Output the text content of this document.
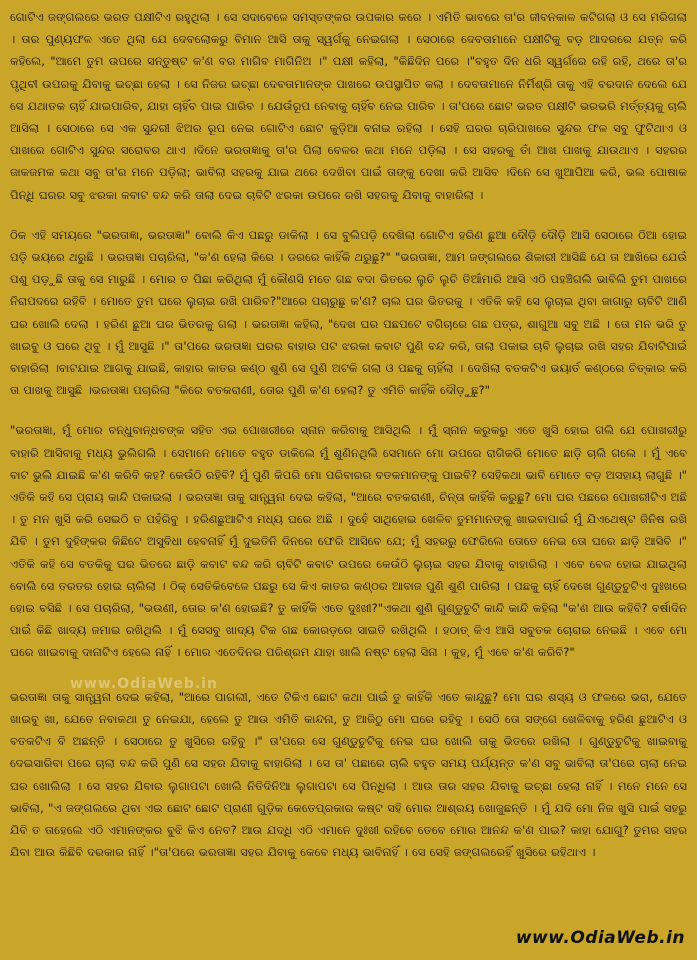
ଗୋଟିଏ ଜଙ୍ଗଲରେ ଭରତ ପକ୍ଷୀଟିଏ ରହୁଥିଲା । ସେ ସଦାବେଳେ ସମସ୍ତଙ୍କର ଉପକାର କରେ । ଏମିତି ଭାବରେ ତା'ର ଜୀବନକାଳ କଟିଗଲା ଓ ସେ ମରିଗଲା । ତାର ପୁଣ୍ୟଫଳ ଏତେ ଥିଲା ଯେ ଦେବଲୋକରୁ ବିମାନ ଆସି ତାକୁ ସ୍ୱର୍ଗକୁ ନେଇଗଲା । ସେଠାରେ ଦେବତାମାନେ ପକ୍ଷୀଟିକୁ ବଡ଼ ଆଦରରେ ଯତ୍ନ କରି କହିଲେ, "ଆମେ ତୁମ ଉପରେ ସନ୍ତୁଷ୍ଟ କ'ଣ ବର ମାଗିବ ମାଗିନିଅ ।" ପକ୍ଷୀ କହିଲା, "କିଛିଦିନ ପରେ ।"ବହୁତ ଦିନ ଧରି ସ୍ୱର୍ଗରେ ରହି ରହି, ଥରେ ତା'ର ପୃଥିବୀ ଉପରକୁ ଯିବାକୁ ଇଚ୍ଛା ହେଲା । ସେ ନିଜର ଇଚ୍ଛା ଦେବତାମାନଙ୍କ ପାଖରେ ଉପସ୍ଥାପିତ କଲା । ଦେବତାମାନେ ନିର୍ମିଶ୍ରି ତାକୁ ଏହି ବରଦାନ ଦେଲେ ଯେ ସେ ଯଥାତକ ଚାହିଁ ଯାଇପାରିବ, ଯାହା ଚାହିଁବ ପାଇ ପାରିବ । ଯେଉଁରୂପ ନେବାକୁ ଚାହିଁବ ନେଇ ପାରିବ । ତା'ପରେ ଛୋଟ ଭରତ ପକ୍ଷୀଟି ଭରଭରି ମର୍ତ୍ତ୍ୟକୁ ଚାଲି ଆସିଲା । ସେଠାରେ ସେ ଏକ ସୁନ୍ଦରୀ ଝିଅର ରୂପ ନେଇ ଗୋଟିଏ ଛୋଟ କୁଡ଼ିଆ ବନାଇ ରହିଲା । ସେହି ଘରର ଚାରିପାଖରେ ସୁନ୍ଦର ଫଳ ସବୁ ଫୁଟିଥାଏ ଓ ପାଖରେ ଗୋଟିଏ ସୁନ୍ଦର ସରୋବର ଥାଏ ।ଦିନେ ଭରତାଜ୍ଞାକୁ ତା'ର ପିଲା ବେଳର କଥା ମନେ ପଡ଼ିଲା । ସେ ସହରକୁ ତାଁ ଆଖ ପାଖକୁ ଯାଉଥାଏ । ସହରର ଜାକଜମକ କଥା ସବୁ ତା'ର ମନେ ପଡ଼ିଲା; ଭାବିଲା ସହରକୁ ଯାଇ ଥରେ ଦେଖିବା ପାଇଁ ତାଙ୍କୁ ଦେଖା କରି ଆସିବ ।ଦିନେ ସେ ଖୁଆପିଆ କରି, ଭଲ ପୋଷାକ ପିନ୍ଧି ଘରର ସବୁ ଝରକା କବାଟ ବନ୍ଦ କରି ତାଲା ଦେଇ ଚାବିଟି ଝରକା ଉପରେ ରଖି ସହରକୁ ଯିବାକୁ ବାହାରିଲା ।

ଠିକ ଏହି ସମୟରେ "ଭରତାଜ୍ଞା, ଭରତାଜ୍ଞା" ବୋଲି କିଏ ପଛରୁ ଡାକିଲା । ସେ ବୁଲିପଡ଼ି ଦେଖିଲା ଗୋଟିଏ ହରିଣ ଛୁଆ ଦୌଡ଼ି ଦୌଡ଼ି ଆସି ସେଠାରେ ଠିଆ ହୋଇ ପଡ଼ି ଭୟରେ ଥରୁଛି । ଭରତାଜ୍ଞା ପଚାରିଲା, "କ'ଣ ହେଲା କିରେ । ଡରରେ କାହିଁକି ଥରୁଛୁ?" "ଭରତାଜ୍ଞା, ଆମ ଜଙ୍ଗଲରେ ଶିକାରୀ ଆସିଛି ଯେ ତା ଆଖିରେ ଯେଉଁ ପଶୁ ପଡ଼ୁଛି ତାକୁ ସେ ମାରୁଛି । ମୋର ତ ପିଛା କରିଥିଲା ମୁଁ କୌଣସି ମତେ ଗଛ ବଦା ଭିତରେ ଲୁଚି ଲୁଚି ତିଆଁମାରି ଆସି ଏଠି ପହଞ୍ଚିଗଲି ଭାବିଲି ତୁମ ପାଖରେ ନିରାପଦରେ ରହିବି । ମୋତେ ତୁମ ଘରେ ଲୁଚାଇ ରଖି ପାରିବ?"ଆରେ ପଚାରୁଛୁ କ'ଣ? ଚାଲ ଘର ଭିତରକୁ । ଏତିକି କହି ସେ ଲୁଚାଇ ଥିବା ଜାଗାରୁ ଚାବିଟି ଆଣି ଘର ଖୋଲି ଦେଲା । ହରିଣ ଛୁଆ ଘର ଭିତରକୁ ଗଲା । ଭରତାଜ୍ଞା କହିଲା, "ଦେଖ ଘର ପଛପଟେ ବଗିଚାରେ ଗଛ ପତ୍ର, ଶାଗୁଆ ସବୁ ଅଛି । ତୋ ମନ ଭରି ତୁ ଖାଇବୁ ଓ ଘରେ ଥିବୁ । ମୁଁ ଆସୁଛି ।" ତା'ପରେ ଭରତାଜ୍ଞା ଘରର ବାହାର ପଟ ଝରକା କବାଟ ପୁଣି ବନ୍ଦ କରି, ତାଲା ପକାଇ ଚାବି ଲୁଚାଇ ରଖି ସହର ଯିବାଟିପାଇଁ ବାହାରିଲା ।ବାଟଯାଇ ଆଗକୁ ଯାଇଛି, କାହାର କାତର କଣ୍ଠ ଶୁଣି ସେ ପୁଣି ଅଟକି ଗଲା ଓ ପଛକୁ ଚାହିଁଲା । ଦେଖିଲା ବତକଟିଏ ଭୟାର୍ତ କଣ୍ଠରେ ଚିତ୍କାର କରି ତା ପାଖକୁ ଆସୁଛି ।ଭରତାଜ୍ଞା ପଚାରିଲା "କିରେ ବତକରାଣୀ, ତୋର ପୁଣି କ'ଣ ହେଲା? ତୁ ଏମିତି କାହିଁକି ଦୌଡ଼ୁଛୁ?"

"ଭରତାଜ୍ଞା, ମୁଁ ମୋର ବନ୍ଧୁବାନ୍ଧବଙ୍କ ସହିତ ଏଇ ପୋଖରୀରେ ସ୍ନାନ କରିବାକୁ ଆସିଥିଲି । ମୁଁ ସ୍ନାନ କରୁକରୁ ଏତେ ଖୁସି ହୋଇ ଗଲି ଯେ ପୋଖରୀରୁ ବାହାରି ଆସିବାକୁ ମଧ୍ୟ ଭୁଲିଗଲି । ସେମାନେ ମୋତେ ବହୁତ ଡାକିଲେ ମୁଁ ଶୁଣିନଥିଲି ସେମାନେ ମୋ ଉପରେ ରାଗିକରି ମୋତେ ଛାଡ଼ି ଚାଲି ଗଲେ । ମୁଁ ଏବେ ବାଟ ଭୁଲି ଯାଇଛି କ'ଣ କରିବି କହ? କେଉଁଠି ରହିବି? ମୁଁ ପୁଣି କିପରି ମୋ ପରିବାରର ବତକମାନଙ୍କୁ ପାଇବି? ସେହିକଥା ଭାବି ମୋତେ ବଡ଼ ଅସହାୟ ଲାଗୁଛି ।" ଏତିକି କହି ସେ ପ୍ରାୟ କାନ୍ଦି ପକାଇଲା । ଭରତାଜ୍ଞା ତାକୁ ସାନ୍ତ୍ୱନା ଦେଇ କହିଲା, "ଆରେ ବତକରାଣୀ, ଚିନ୍ତା କାହିଁକି କରୁଛୁ? ମୋ ଘର ପଛରେ ପୋଖରୀଟିଏ ଅଛି । ତୁ ମନ ଖୁସି କରି ସେଇଠି ତ ପହଁରିବୁ । ହରିଣଛୁଆଟିଏ ମଧ୍ୟ ଘରେ ଅଛି । ଦୁହେଁ ସାଥିହୋଇ ଖେଳିବ ତୁମମାନଙ୍କୁ ଖାଇବାପାଇଁ ମୁଁ ଯିଏଥେଷ୍ଟ ଜିନିଷ ରଖି ଯିବି । ତୁମ ଦୁହିଙ୍କର କିଛିଟେ ଅସୁବିଧା ହେବନାହିଁ ମୁଁ ଦୁଇତିନି ଦିନରେ ଫେରି ଆସିବେ ଯେ; ମୁଁ ସହରରୁ ଫେରିଲେ ତୋତେ ନେଇ ତୋ ଘରେ ଛାଡ଼ି ଆସିବି ।" ଏତିକି କହି ସେ ବତକିକୁ ଘର ଭିତରେ ଛାଡ଼ି କବାଟ ବନ୍ଦ କରି ଚାବିଟି କବାଟ ଉପରେ କେଉଁଠି ଲୁଚାଇ ସହର ଯିବାକୁ ବାହାରିଲା । ଏବେ ବେଳ ହୋଇ ଯାଇଥିଲା ବୋଲି ସେ ତରତର ହୋଇ ଚାଲିଲା । ଠିକ୍ ସେତିକିବେଳେ ପଛରୁ ସେ କିଏ କାତର କଣ୍ଠର ଆବାଜ ପୁଣି ଶୁଣି ପାରିଲା । ପଛକୁ ଚାହିଁ ଦେଖେ ଗୁଣ୍ଡୁଚୁଟିଏ ଦୁଃଖରେ ହୋଇ ବସିଛି । ସେ ପଚାରିଲା, "ଭଉଣୀ, ତୋର କ'ଣ ହୋଇଛି? ତୁ କାହିଁକି ଏତେ ଦୁଃଖୀ?"ଏକଥା ଶୁଣି ଗୁଣ୍ଡୁଚୁଟି କାନ୍ଦି କାନ୍ଦି କହିଲା "କ'ଣ ଆଉ କହିବି? ବର୍ଷାଦିନ ପାଇଁ କିଛି ଖାଦ୍ୟ ଜମାଇ ରଖିଥିଲି । ମୁଁ ସେସବୁ ଖାଦ୍ୟ ଟିକ ଗଛ କୋରଡ଼ରେ ସାଇତି ରଖିଥିଲି । ହଠାତ୍ କିଏ ଆସି ସବୁତକ ଚୋରାଇ ନେଇଛି । ଏବେ ମୋ ଘରେ ଖାଇବାକୁ ଦାନାଟିଏ ହେଲେ ନାହିଁ । ମୋର ଏତେଦିନର ପରିଶ୍ରମ ଯାହା ଖାଲି ନଷ୍ଟ ହେଲା ସିନା । କୁହ, ମୁଁ ଏବେ କ'ଣ କରିବି?"

ଭରତାଜ୍ଞା ତାକୁ ସାନ୍ତ୍ୱନା ଦେଇ କହିଲା, "ଆରେ ପାଗଲୀ, ଏତେ ଟିକିଏ ଛୋଟ କଥା ପାଇଁ ତୁ କାହିଁକି ଏତେ କାନ୍ଦୁଛୁ? ମୋ ଘର ଶସ୍ୟ ଓ ଫଳରେ ଭରା, ଯେତେ ଖାଇବୁ ଖା, ଯେତେ ନବାକଥା ତୁ ନେଇଯା, ହେଲେ ତୁ ଆଉ ଏମିତି କାନ୍ଦନା, ତୁ ଆଜିଠୁ ମୋ ଘରେ ରହିବୁ । ସେଠି ତୋ ସଙ୍ଗେ ଖେଳିବାକୁ ହରିଣ ଛୁଆଟିଏ ଓ ବତକଟିଏ ବି ଅଛନ୍ତି । ସେଠାରେ ତୁ ଖୁସିରେ ରହିବୁ ।" ତା'ପରେ ସେ ଗୁଣ୍ଡୁଚୁଟିକୁ ନେଇ ଘର ଖୋଲି ତାକୁ ଭିତରେ ରଖିଲା । ଗୁଣ୍ଡୁଚୁଟିକୁ ଖାଇବାକୁ ଦେଇସାରିବା ପରେ ଚାଲା ବନ୍ଦ କରି ପୁଣି ସେ ସହର ଯିବାକୁ ବାହାରିଲା । ସେ ତା' ପଛାରେ ଚାଲି ବହୁତ ସମୟ ପର୍ଯ୍ୟନ୍ତ କ'ଣ ସବୁ ଭାବିଲା ତା'ପରେ ଚାଲା ନେଇ ଘର ଖୋଲିଲା । ସେ ସହର ଯିବାର ଲୁଗାପଟା ଖୋଲି ନିତିଦିନିଆ ଲୁଗାପଟା ସେ ପିନ୍ଧିଲା । ଆଉ ତାର ସହର ଯିବାକୁ ଇଚ୍ଛା ହେଲା ନାହିଁ । ମନେ ମନେ ସେ ଭାବିଲା, "ଏ ଜଙ୍ଗଲରେ ଥିବା ଏଇ ଛୋଟ ଛୋଟ ପ୍ରାଣୀ ଗୁଡ଼ିକ କେତେପ୍ରକାର କଷ୍ଟ ସହି ମୋର ଆଶ୍ରୟ ଖୋଜୁଛନ୍ତି । ମୁଁ ଯଦି ମୋ ନିଜ ଖୁସି ପାଇଁ ସହରୁ ଯିବି ତ ତାହେଲେ ଏଠି ଏମାନଙ୍କର ବୁଝି କିଏ ନେବ? ଆଉ ଯଦ୍ଧି ଏଠି ଏମାନେ ଦୁଃଖୀ ରହିବେ ତେବେ ମୋର ଆନନ୍ଦ କ'ଣ ପାଇ? କାହା ଯୋଗୁ? ତୁମର ସହର ଯିବା ଆଉ କିଛିବି ଦରକାର ନାହିଁ ।"ତା'ପରେ ଭରତାଜ୍ଞା ସହର ଯିବାକୁ କେବେ ମଧ୍ୟ ଭାବିନାହିଁ । ସେ ସେହି ଜଙ୍ଗଲରେହିଁ ଖୁସିରେ ରହିଥାଏ ।

www.OdiaWeb.in
www.OdiaWeb.in
